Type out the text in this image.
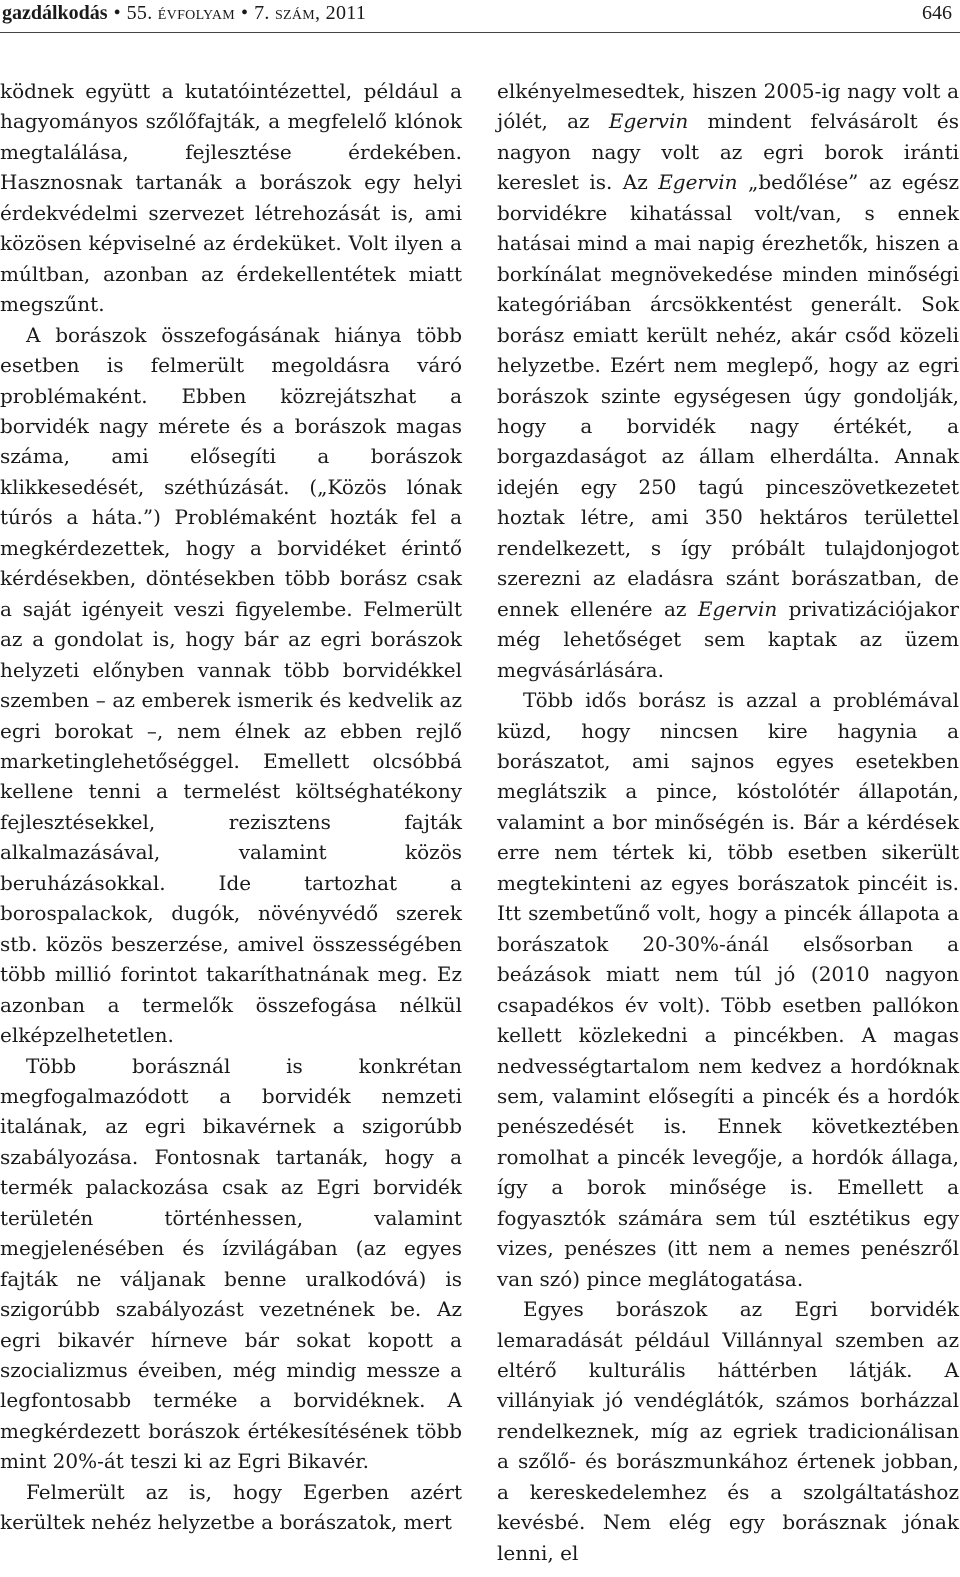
gazdálkodás • 55. évfolyam • 7. szám, 2011	646

ködnek együtt a kutatóintézettel, például a hagyományos szőlőfajták, a megfelelő klónok megtalálása, fejlesztése érdekében. Hasznosnak tartanák a borászok egy helyi érdekvédelmi szervezet létrehozását is, ami közösen képviselné az érdeküket. Volt ilyen a múltban, azonban az érdekellentétek miatt megszűnt.

A borászok összefogásának hiánya több esetben is felmerült megoldásra váró problémaként. Ebben közrejátszhat a borvidék nagy mérete és a borászok magas száma, ami elősegíti a borászok klikkesedését, széthúzását. („Közös lónak túrós a háta.”) Problémaként hozták fel a megkérdezettek, hogy a borvidéket érintő kérdésekben, döntésekben több borász csak a saját igényeit veszi figyelembe. Felmerült az a gondolat is, hogy bár az egri borászok helyzeti előnyben vannak több borvidékkel szemben – az emberek ismerik és kedvelik az egri borokat –, nem élnek az ebben rejlő marketinglehetőséggel. Emellett olcsóbbá kellene tenni a termelést költséghatékony fejlesztésekkel, rezisztens fajták alkalmazásával, valamint közös beruházásokkal. Ide tartozhat a borospalackok, dugók, növényvédő szerek stb. közös beszerzése, amivel összességében több millió forintot takaríthatnának meg. Ez azonban a termelők összefogása nélkül elképzelhetetlen.

Több borásznál is konkrétan megfogalmazódott a borvidék nemzeti italának, az egri bikavérnek a szigorúbb szabályozása. Fontosnak tartanák, hogy a termék palackozása csak az Egri borvidék területén történhessen, valamint megjelenésében és ízvilágában (az egyes fajták ne váljanak benne uralkodóvá) is szigorúbb szabályozást vezetnének be. Az egri bikavér hírneve bár sokat kopott a szocializmus éveiben, még mindig messze a legfontosabb terméke a borvidéknek. A megkérdezett borászok értékesítésének több mint 20%-át teszi ki az Egri Bikavér.

Felmerült az is, hogy Egerben azért kerültek nehéz helyzetbe a borászatok, mert

elkényelmesedtek, hiszen 2005-ig nagy volt a jólét, az Egervin mindent felvásárolt és nagyon nagy volt az egri borok iránti kereslet is. Az Egervin „bedőlése” az egész borvidékre kihatással volt/van, s ennek hatásai mind a mai napig érezhetők, hiszen a borkínálat megnövekedése minden minőségi kategóriában árcsökkentést generált. Sok borász emiatt került nehéz, akár csőd közeli helyzetbe. Ezért nem meglepő, hogy az egri borászok szinte egységesen úgy gondolják, hogy a borvidék nagy értékét, a borgazdaságot az állam elherdálta. Annak idején egy 250 tagú pinceszövetkezetet hoztak létre, ami 350 hektáros területtel rendelkezett, s így próbált tulajdonjogot szerezni az eladásra szánt borászatban, de ennek ellenére az Egervin privatizációjakor még lehetőséget sem kaptak az üzem megvásárlására.

Több idős borász is azzal a problémával küzd, hogy nincsen kire hagynia a borászatot, ami sajnos egyes esetekben meglátszik a pince, kóstolótér állapotán, valamint a bor minőségén is. Bár a kérdések erre nem tértek ki, több esetben sikerült megtekinteni az egyes borászatok pincéit is. Itt szembetűnő volt, hogy a pincék állapota a borászatok 20-30%-ánál elsősorban a beázások miatt nem túl jó (2010 nagyon csapadékos év volt). Több esetben pallókon kellett közlekedni a pincékben. A magas nedvességtartalom nem kedvez a hordóknak sem, valamint elősegíti a pincék és a hordók penészedését is. Ennek következtében romolhat a pincék levegője, a hordók állaga, így a borok minősége is. Emellett a fogyasztók számára sem túl esztétikus egy vizes, penészes (itt nem a nemes penészről van szó) pince meglátogatása.

Egyes borászok az Egri borvidék lemaradását például Villánnyal szemben az eltérő kulturális háttérben látják. A villányiak jó vendéglátók, számos borházzal rendelkeznek, míg az egriek tradicionálisan a szőlő- és borászmunkához értenek jobban, a kereskedelemhez és a szolgáltatáshoz kevésbé. Nem elég egy borásznak jónak lenni, el
